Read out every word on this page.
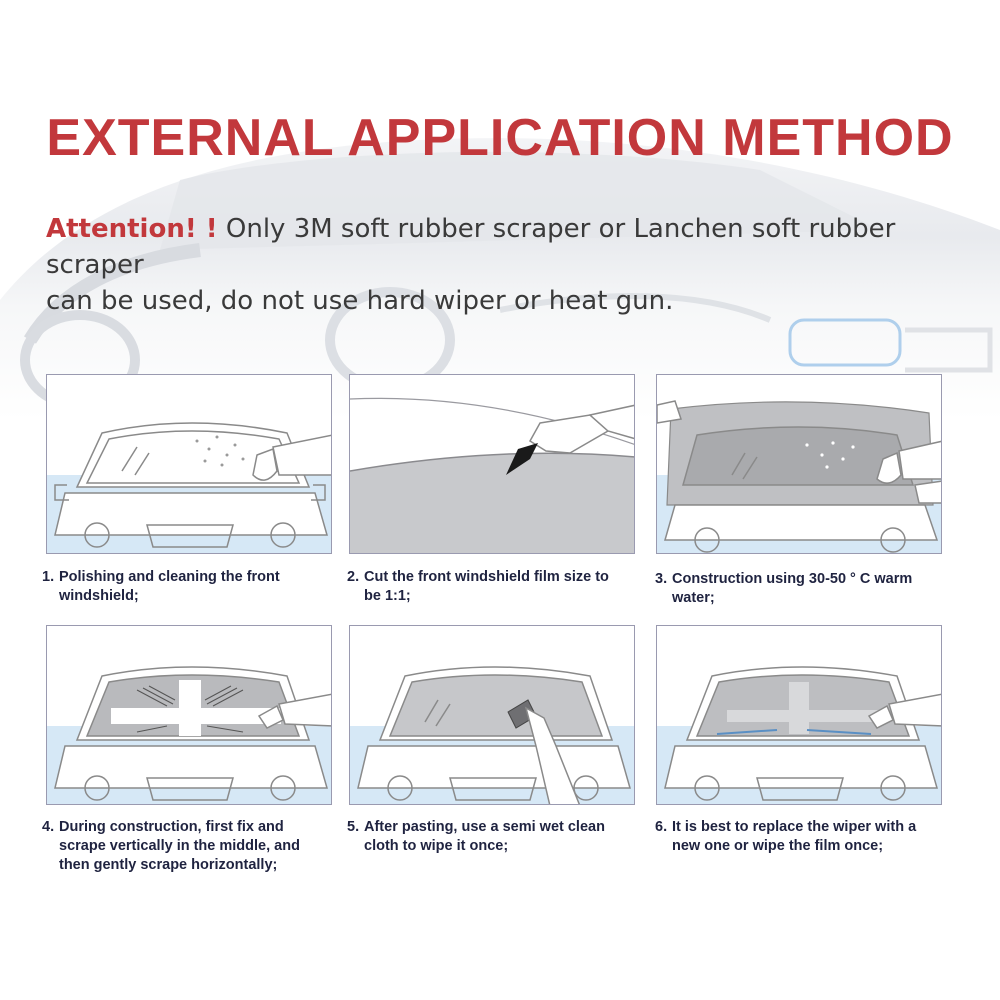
EXTERNAL APPLICATION METHOD

Attention! ! Only 3M soft rubber scraper or Lanchen soft rubber scraper
can be used, do not use hard wiper or heat gun.

1. Polishing and cleaning the front
windshield;

2. Cut the front windshield film size to
be 1:1;

3. Construction using 30-50 ° C warm
water;

4. During construction, first fix and
scrape vertically in the middle, and
then gently scrape horizontally;

5. After pasting, use a semi wet clean
cloth to wipe it once;

6. It is best to replace the wiper with a
new one or wipe the film once;
